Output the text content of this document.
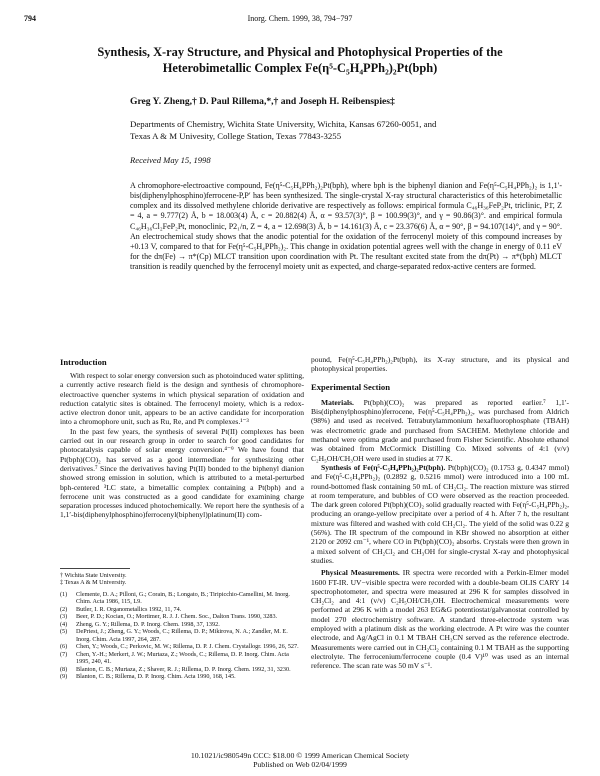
794	Inorg. Chem. 1999, 38, 794−797
Synthesis, X-ray Structure, and Physical and Photophysical Properties of the
Heterobimetallic Complex Fe(η⁵-C₅H₄PPh₂)₂Pt(bph)
Greg Y. Zheng,† D. Paul Rillema,*,† and Joseph H. Reibenspies‡
Departments of Chemistry, Wichita State University, Wichita, Kansas 67260-0051, and
Texas A & M Univesity, College Station, Texas 77843-3255
Received May 15, 1998
A chromophore-electroactive compound, Fe(η⁵-C₅H₄PPh₂)₂Pt(bph), where bph is the biphenyl dianion and Fe(η⁵-C₅H₄PPh₂)₂ is 1,1′-bis(diphenylphosphino)ferrocene-P,P′ has been synthesized. The single-crystal X-ray structural characteristics of this heterobimetallic complex and its dissolved methylene chloride derivative are respectively as follows: empirical formula C₄₆H₃₆FeP₂Pt, triclinic, P1̄, Z = 4, a = 9.777(2) Å, b = 18.003(4) Å, c = 20.882(4) Å, α = 93.57(3)°, β = 100.99(3)°, and γ = 90.86(3)°. and empirical formula C₄₆H₃₆Cl₂FeP₂Pt, monoclinic, P2₁/n, Z = 4, a = 12.698(3) Å, b = 14.161(3) Å, c = 23.376(6) Å, α = 90°, β = 94.107(14)°, and γ = 90°. An electrochemical study shows that the anodic potential for the oxidation of the ferrocenyl moiety of this compound increases by +0.13 V, compared to that for Fe(η⁵-C₅H₄PPh₂)₂. This change in oxidation potential agrees well with the change in energy of 0.11 eV for the dπ(Fe) → π*(Cp) MLCT transition upon coordination with Pt. The resultant excited state from the dπ(Pt) → π*(bph) MLCT transition is readily quenched by the ferrocenyl moiety unit as expected, and charge-separated redox-active centers are formed.
Introduction

With respect to solar energy conversion such as photoinduced water splitting, a currently active research field is the design and synthesis of chromophore-electroactive quencher systems in which physical separation of oxidation and reduction catalytic sites is obtained. The ferrocenyl moiety, which is a redox-active electron donor unit, appears to be an active candidate for incorporation into a chromophore unit, such as Ru, Re, and Pt complexes.¹⁻³

In the past few years, the synthesis of several Pt(II) complexes has been carried out in our research group in order to search for good candidates for photocatalysis capable of solar energy conversion.⁴⁻⁹ We have found that Pt(bph)(CO)₂ has served as a good intermediate for synthesizing other derivatives.⁷ Since the derivatives having Pt(II) bonded to the biphenyl dianion showed strong emission in solution, which is attributed to a metal-perturbed bph-centered ³LC state, a bimetallic complex containing a Pt(bph) and a ferrocene unit was constructed as a good candidate for examining charge separation processes induced photochemically. We report here the synthesis of a 1,1′-bis(diphenylphosphino)ferrocenyl(biphenyl)platinum(II) com-

† Wichita State University.
‡ Texas A & M University.
(1)	Clemente, D. A.; Pilloni, G.; Corain, B.; Longato, B.; Tiripicchio-Camellini, M. Inorg. Chim. Acta 1986, 115, L9.
(2)	Butler, I. R. Organometallics 1992, 11, 74.
(3)	Beer, P. D.; Kocian, O.; Mortimer, R. J. J. Chem. Soc., Dalton Trans. 1990, 3283.
(4)	Zheng, G. Y.; Rillema, D. P. Inorg. Chem. 1998, 37, 1392.
(5)	DePriest, J.; Zheng, G. Y.; Woods, C.; Rillema, D. P.; Mikirova, N. A.; Zandler, M. E. Inorg. Chim. Acta 1997, 264, 287.
(6)	Chen, Y.; Woods, C.; Perkovic, M. W.; Rillema, D. P. J. Chem. Crystallogr. 1996, 26, 527.
(7)	Chen, Y.-H.; Merkert, J. W.; Murtaza, Z.; Woods, C.; Rillema, D. P. Inorg. Chim. Acta 1995, 240, 41.
(8)	Blanton, C. B.; Murtaza, Z.; Shaver, R. J.; Rillema, D. P. Inorg. Chem. 1992, 31, 3230.
(9)	Blanton, C. B.; Rillema, D. P. Inorg. Chim. Acta 1990, 168, 145.

pound, Fe(η⁵-C₅H₄PPh₂)₂Pt(bph), its X-ray structure, and its physical and photophysical properties.

Experimental Section

Materials. Pt(bph)(CO)₂ was prepared as reported earlier.⁷ 1,1′-Bis(diphenylphosphino)ferrocene, Fe(η⁵-C₅H₄PPh₂)₂, was purchased from Aldrich (98%) and used as received. Tetrabutylammonium hexafluorophosphate (TBAH) was electrometric grade and purchased from SACHEM. Methylene chloride and methanol were optima grade and purchased from Fisher Scientific. Absolute ethanol was obtained from McCormick Distilling Co. Mixed solvents of 4:1 (v/v) C₂H₅OH/CH₃OH were used in studies at 77 K.

Synthesis of Fe(η⁵-C₅H₄PPh₂)₂Pt(bph). Pt(bph)(CO)₂ (0.1753 g, 0.4347 mmol) and Fe(η⁵-C₅H₄PPh₂)₂ (0.2892 g, 0.5216 mmol) were introduced into a 100 mL round-bottomed flask containing 50 mL of CH₂Cl₂. The reaction mixture was stirred at room temperature, and bubbles of CO were observed as the reaction proceeded. The dark green colored Pt(bph)(CO)₂ solid gradually reacted with Fe(η⁵-C₅H₄PPh₂)₂, producing an orange-yellow precipitate over a period of 4 h. After 7 h, the resultant mixture was filtered and washed with cold CH₂Cl₂. The yield of the solid was 0.22 g (56%). The IR spectrum of the compound in KBr showed no absorption at either 2120 or 2092 cm⁻¹, where CO in Pt(bph)(CO)₂ absorbs. Crystals were then grown in a mixed solvent of CH₂Cl₂ and CH₃OH for single-crystal X-ray and photophysical studies.

Physical Measurements. IR spectra were recorded with a Perkin-Elmer model 1600 FT-IR. UV−visible spectra were recorded with a double-beam OLIS CARY 14 spectrophotometer, and spectra were measured at 296 K for samples dissolved in CH₂Cl₂ and 4:1 (v/v) C₂H₅OH/CH₃OH. Electrochemical measurements were performed at 296 K with a model 263 EG&G potentiostat/galvanostat controlled by model 270 electrochemistry software. A standard three-electrode system was employed with a platinum disk as the working electrode. A Pt wire was the counter electrode, and Ag/AgCl in 0.1 M TBAH CH₃CN served as the reference electrode. Measurements were carried out in CH₂Cl₂ containing 0.1 M TBAH as the supporting electrolyte. The ferrocenium/ferrocene couple (0.4 V)¹⁰ was used as an internal reference. The scan rate was 50 mV s⁻¹.

10.1021/ic980549n CCC: $18.00 © 1999 American Chemical Society
Published on Web 02/04/1999
